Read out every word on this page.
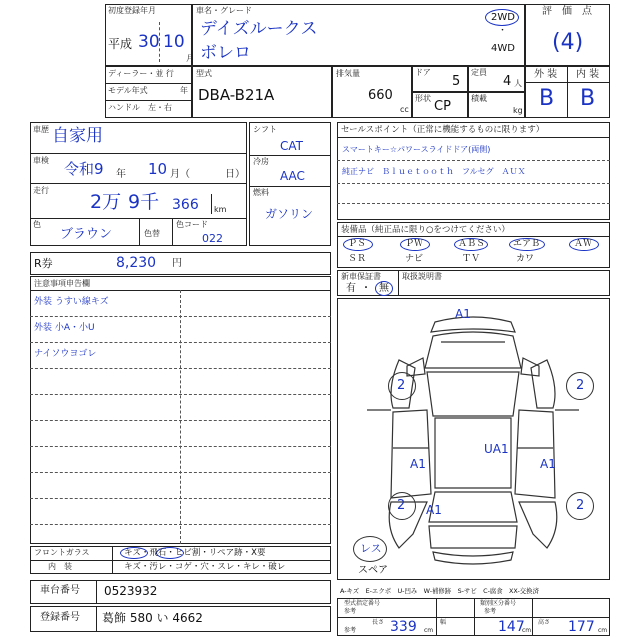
初度登録年月
平成 30 10
月
車名・グレード
デイズルークス
ボレロ
2WD
・
4WD
評　価　点
(4)
ディーラー・並 行
モデル年式	年
ハンドル　左・右
型式
DBA-B21A
排気量
660
cc
ドア
5
形状
CP
定員
4 人
積載
kg
外 装 内 装
B B
車歴 自家用
車検 令和9 年 10 月（	日）
走行
2万 9千 366 km
色
ブラウン	色替
色コード
022
シフト
CAT
冷房
AAC
燃料
ガソリン
R券	8,230 円
注意事項申告欄
外装 うすい線キズ
外装 小A・小U
ナイソウヨゴレ
セールスポイント（正常に機能するものに限ります）
スマートキー☆パワースライドドア(両側)
純正ナビ　Ｂｌｕｅｔｏｏｔｈ　フルセグ　ＡＵＸ
装備品（純正品に限り○をつけてください）
ＰＳ	ＰＷ	ＡＢＳ	エアＢ	ＡＷ
ＳＲ	ナビ	ＴＶ	カワ
新車保証書	取扱説明書
有 ・ 無
A1
2	2
UA1
A1	A1
2	2
A1
レス
スペア
A-キズ　E-エクボ　U-凹み　W-補修跡　S-サビ　C-腐食　XX-交換済
フロントガラス	キズ・飛石・ヒビ割・リペア跡・X要
内　装	キズ・汚レ・コゲ・穴・スレ・キレ・破レ
車台番号 0523932
登録番号 葛飾 580 い 4662
型式指定番号
参考
類別区分番号
参考
参考
長さ 339 cm
幅	147
cm
高さ 177 cm
